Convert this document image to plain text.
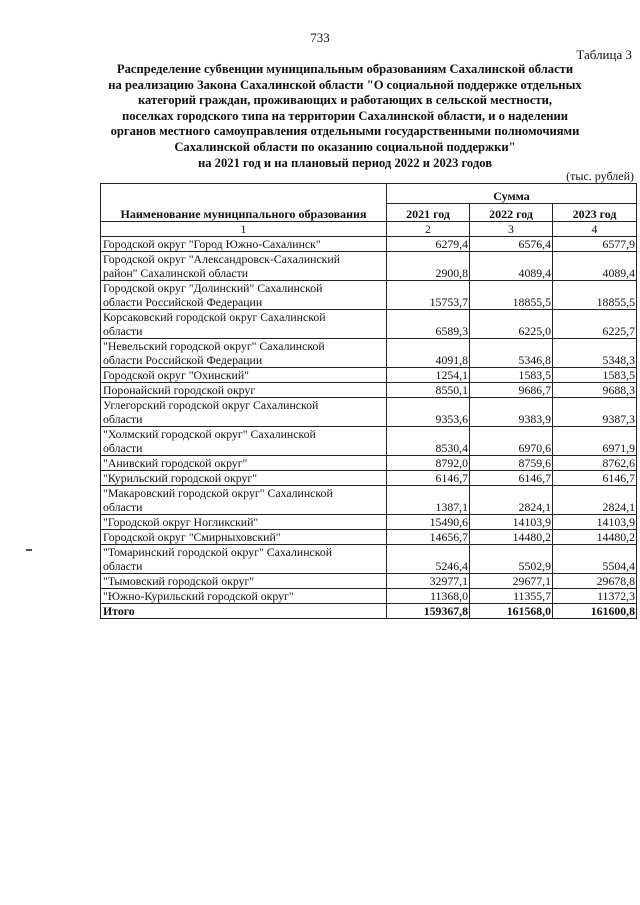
733
Таблица 3
Распределение субвенции муниципальным образованиям Сахалинской области
на реализацию Закона Сахалинской области "О социальной поддержке отдельных
категорий граждан, проживающих и работающих в сельской местности,
поселках городского типа на территории Сахалинской области, и о наделении
органов местного самоуправления отдельными государственными полномочиями
Сахалинской области по оказанию социальной поддержки"
на 2021 год и на плановый период 2022 и 2023 годов
(тыс. рублей)
Наименование муниципального образования	Сумма		
	2021 год	2022 год	2023 год
1	2	3	4

Городской округ "Город Южно-Сахалинск"	6279,4	6576,4	6577,9

Городской округ "Александровск-Сахалинский
район" Сахалинской области	2900,8	4089,4	4089,4

Городской округ "Долинский" Сахалинской
области Российской Федерации	15753,7	18855,5	18855,5

Корсаковский городской округ Сахалинской
области	6589,3	6225,0	6225,7

"Невельский городской округ" Сахалинской
области Российской Федерации	4091,8	5346,8	5348,3

Городской округ "Охинский"	1254,1	1583,5	1583,5

Поронайский городской округ	8550,1	9686,7	9688,3

Углегорский городской округ Сахалинской
области	9353,6	9383,9	9387,3

"Холмский городской округ" Сахалинской
области	8530,4	6970,6	6971,9

"Анивский городской округ"	8792,0	8759,6	8762,6

"Курильский городской округ"	6146,7	6146,7	6146,7

"Макаровский городской округ" Сахалинской
области	1387,1	2824,1	2824,1

"Городской округ Ногликский"	15490,6	14103,9	14103,9

Городской округ "Смирныховский"	14656,7	14480,2	14480,2

"Томаринский городской округ" Сахалинской
области	5246,4	5502,9	5504,4

"Тымовский городской округ"	32977,1	29677,1	29678,8

"Южно-Курильский городской округ"	11368,0	11355,7	11372,3
Итого	159367,8	161568,0	161600,8
